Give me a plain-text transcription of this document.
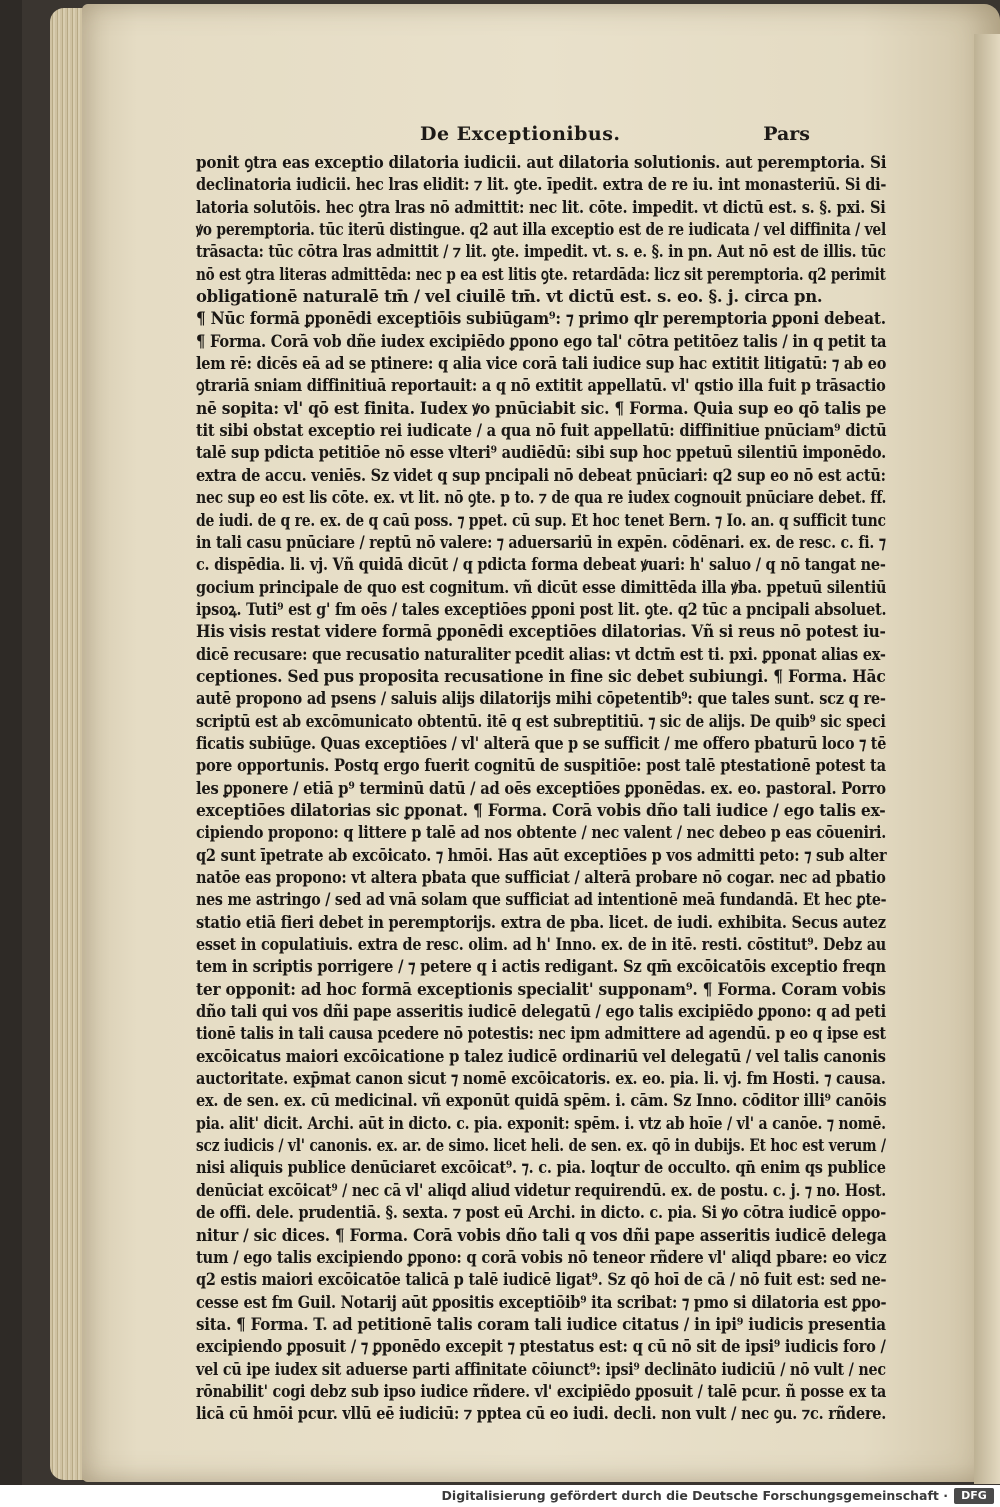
De Exceptionibus.	Pars
ponit ꝯtra eas exceptio dilatoria iudicii. aut dilatoria solutionis. aut peremptoria. Si
declinatoria iudicii. hec lras elidit: ⁊ lit. ꝯte. īpedit. extra de re iu. int monasteriū. Si di-
latoria solutōis. hec ꝯtra lras nō admittit: nec lit. cōte. impedit. vt dictū est. s. §. pxi. Si
ꝟo peremptoria. tūc iterū distingue. q2 aut illa exceptio est de re iudicata / vel diffinita / vel
trāsacta: tūc cōtra lras admittit / ⁊ lit. ꝯte. impedit. vt. s. e. §. in pn. Aut nō est de illis. tūc
nō est ꝯtra literas admittēda: nec p ea est litis ꝯte. retardāda: licz sit peremptoria. q2 perimit
obligationē naturalē tm̄ / vel ciuilē tm̄. vt dictū est. s. eo. §. j. circa pn.
¶ Nūc formā ꝑponēdi exceptiōis subiūgam⁹: ⁊ primo qlr peremptoria ꝑponi debeat.
¶ Forma. Corā vob dñe iudex excipiēdo ꝑpono ego tal' cōtra petitōez talis / in q petit ta
lem rē: dicēs eā ad se ptinere: q alia vice corā tali iudice sup hac extitit litigatū: ⁊ ab eo
ꝯtrariā sniam diffinitiuā reportauit: a q nō extitit appellatū. vl' qstio illa fuit p trāsactio
nē sopita: vl' qō est finita. Iudex ꝟo pnūciabit sic. ¶ Forma. Quia sup eo qō talis pe
tit sibi obstat exceptio rei iudicate / a qua nō fuit appellatū: diffinitiue pnūciam⁹ dictū
talē sup pdicta petitiōe nō esse vlteri⁹ audiēdū: sibi sup hoc ppetuū silentiū imponēdo.
extra de accu. veniēs. Sz videt q sup pncipali nō debeat pnūciari: q2 sup eo nō est actū:
nec sup eo est lis cōte. ex. vt lit. nō ꝯte. p to. ⁊ de qua re iudex cognouit pnūciare debet. ff.
de iudi. de q re. ex. de q caū poss. ⁊ ppet. cū sup. Et hoc tenet Bern. ⁊ Io. an. q sufficit tunc
in tali casu pnūciare / reptū nō valere: ⁊ aduersariū in expēn. cōdēnari. ex. de resc. c. fi. ⁊
c. dispēdia. li. vj. Vñ quidā dicūt / q pdicta forma debeat ꝟuari: h' saluo / q nō tangat ne-
gocium principale de quo est cognitum. vñ dicūt esse dimittēda illa ꝟba. ppetuū silentiū
ipsoꝝ. Tuti⁹ est g' fm oēs / tales exceptiōes ꝑponi post lit. ꝯte. q2 tūc a pncipali absoluet.
His visis restat videre formā ꝑponēdi exceptiōes dilatorias. Vñ si reus nō potest iu-
dicē recusare: que recusatio naturaliter pcedit alias: vt dctm̄ est ti. pxi. ꝑponat alias ex-
ceptiones. Sed pus proposita recusatione in fine sic debet subiungi. ¶ Forma. Hāc
autē propono ad psens / saluis alijs dilatorijs mihi cōpetentib⁹: que tales sunt. scz q re-
scriptū est ab excōmunicato obtentū. itē q est subreptitiū. ⁊ sic de alijs. De quib⁹ sic speci
ficatis subiūge. Quas exceptiōes / vl' alterā que p se sufficit / me offero pbaturū loco ⁊ tē
pore opportunis. Postq ergo fuerit cognitū de suspitiōe: post talē ptestationē potest ta
les ꝑponere / etiā p⁹ terminū datū / ad oēs exceptiōes ꝑponēdas. ex. eo. pastoral. Porro
exceptiōes dilatorias sic ꝑponat. ¶ Forma. Corā vobis dño tali iudice / ego talis ex-
cipiendo propono: q littere p talē ad nos obtente / nec valent / nec debeo p eas cōueniri.
q2 sunt īpetrate ab excōicato. ⁊ hmōi. Has aūt exceptiōes p vos admitti peto: ⁊ sub alter
natōe eas propono: vt altera pbata que sufficiat / alterā probare nō cogar. nec ad pbatio
nes me astringo / sed ad vnā solam que sufficiat ad intentionē meā fundandā. Et hec ꝑte-
statio etiā fieri debet in peremptorijs. extra de pba. licet. de iudi. exhibita. Secus autez
esset in copulatiuis. extra de resc. olim. ad h' Inno. ex. de in itē. resti. cōstitut⁹. Debz au
tem in scriptis porrigere / ⁊ petere q i actis redigant. Sz qm̄ excōicatōis exceptio freqn
ter opponit: ad hoc formā exceptionis specialit' supponam⁹. ¶ Forma. Coram vobis
dño tali qui vos dñi pape asseritis iudicē delegatū / ego talis excipiēdo ꝑpono: q ad peti
tionē talis in tali causa pcedere nō potestis: nec ipm admittere ad agendū. p eo q ipse est
excōicatus maiori excōicatione p talez iudicē ordinariū vel delegatū / vel talis canonis
auctoritate. exp̄mat canon sicut ⁊ nomē excōicatoris. ex. eo. pia. li. vj. fm Hosti. ⁊ causa.
ex. de sen. ex. cū medicinal. vñ exponūt quidā spēm. i. cām. Sz Inno. cōditor illi⁹ canōis
pia. alit' dicit. Archi. aūt in dicto. c. pia. exponit: spēm. i. vtz ab hoīe / vl' a canōe. ⁊ nomē.
scz iudicis / vl' canonis. ex. ar. de simo. licet heli. de sen. ex. qō in dubijs. Et hoc est verum /
nisi aliquis publice denūciaret excōicat⁹. ⁊. c. pia. loqtur de occulto. qn̄ enim qs publice
denūciat excōicat⁹ / nec cā vl' aliqd aliud videtur requirendū. ex. de postu. c. j. ⁊ no. Host.
de offi. dele. prudentiā. §. sexta. ⁊ post eū Archi. in dicto. c. pia. Si ꝟo cōtra iudicē oppo-
nitur / sic dices. ¶ Forma. Corā vobis dño tali q vos dñi pape asseritis iudicē delega
tum / ego talis excipiendo ꝑpono: q corā vobis nō teneor rñdere vl' aliqd pbare: eo vicz
q2 estis maiori excōicatōe talicā p talē iudicē ligat⁹. Sz qō hoī de cā / nō fuit est: sed ne-
cesse est fm Guil. Notarij aūt ꝑpositis exceptiōib⁹ ita scribat: ⁊ pmo si dilatoria est ꝑpo-
sita. ¶ Forma. T. ad petitionē talis coram tali iudice citatus / in ipi⁹ iudicis presentia
excipiendo ꝑposuit / ⁊ ꝑponēdo excepit ⁊ ptestatus est: q cū nō sit de ipsi⁹ iudicis foro /
vel cū ipe iudex sit aduerse parti affinitate cōiunct⁹: ipsi⁹ declināto iudiciū / nō vult / nec
rōnabilit' cogi debz sub ipso iudice rñdere. vl' excipiēdo ꝑposuit / talē pcur. ñ posse ex ta
licā cū hmōi pcur. vllū eē iudiciū: ⁊ pptea cū eo iudi. decli. non vult / nec ꝯu. ⁊c. rñdere.
Digitalisierung gefördert durch die Deutsche Forschungsgemeinschaft ·	DFG
